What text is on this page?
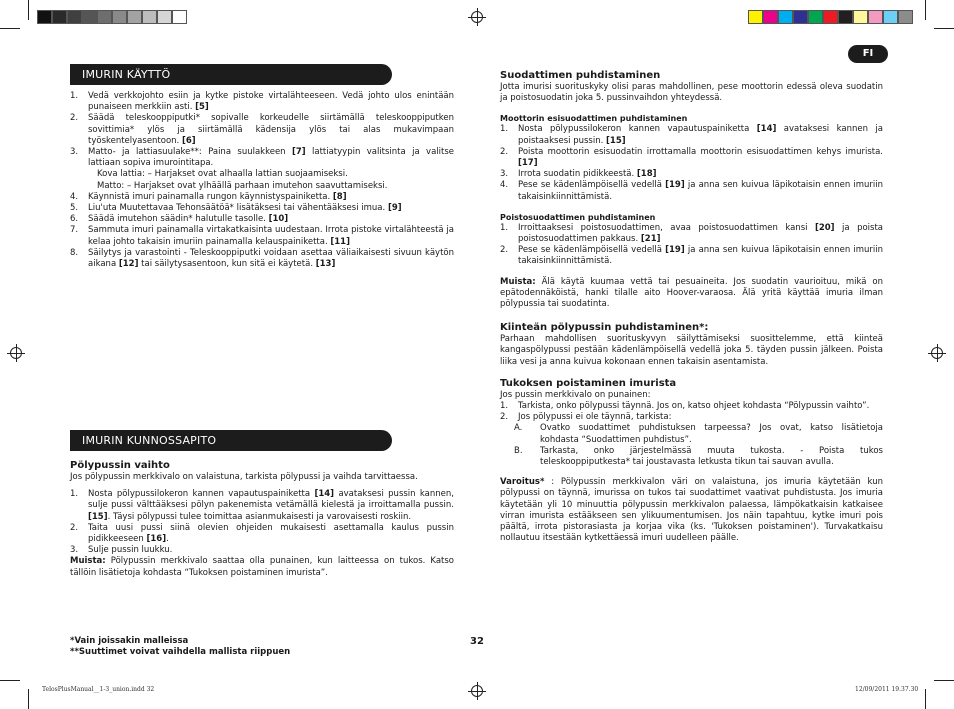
FI
IMURIN KÄYTTÖ
1. Vedä verkkojohto esiin ja kytke pistoke virtalähteeseen. Vedä johto ulos enintään punaiseen merkkiin asti. [5]
2. Säädä teleskooppiputki* sopivalle korkeudelle siirtämällä teleskooppiputken sovittimia* ylös ja siirtämällä kädensija ylös tai alas mukavimpaan työskentelyasentoon. [6]
3. Matto- ja lattiasuulake**: Paina suulakkeen [7] lattiatyypin valitsinta ja valitse lattiaan sopiva imurointitapa.
Kova lattia: – Harjakset ovat alhaalla lattian suojaamiseksi.
Matto: – Harjakset ovat ylhäällä parhaan imutehon saavuttamiseksi.
4. Käynnistä imuri painamalla rungon käynnistyspainiketta. [8]
5. Liu'uta Muutettavaa Tehonsäätöä* lisätäksesi tai vähentääksesi imua. [9]
6. Säädä imutehon säädin* halutulle tasolle. [10]
7. Sammuta imuri painamalla virtakatkaisinta uudestaan. Irrota pistoke virtalähteestä ja kelaa johto takaisin imuriin painamalla kelauspainiketta. [11]
8. Säilytys ja varastointi - Teleskooppiputki voidaan asettaa väliaikaisesti sivuun käytön aikana [12] tai säilytysasentoon, kun sitä ei käytetä. [13]
IMURIN KUNNOSSAPITO
Pölypussin vaihto
Jos pölypussin merkkivalo on valaistuna, tarkista pölypussi ja vaihda tarvittaessa.
1. Nosta pölypussilokeron kannen vapautuspainiketta [14] avataksesi pussin kannen, sulje pussi välttääksesi pölyn pakenemista vetämällä kielestä ja irroittamalla pussin. [15]. Täysi pölypussi tulee toimittaa asianmukaisesti ja varovaisesti roskiin.
2. Taita uusi pussi siinä olevien ohjeiden mukaisesti asettamalla kaulus pussin pidikkeeseen [16].
3. Sulje pussin luukku.
Muista: Pölypussin merkkivalo saattaa olla punainen, kun laitteessa on tukos. Katso tällöin lisätietoja kohdasta “Tukoksen poistaminen imurista”.
*Vain joissakin malleissa
**Suuttimet voivat vaihdella mallista riippuen
32
Suodattimen puhdistaminen
Jotta imurisi suorituskyky olisi paras mahdollinen, pese moottorin edessä oleva suodatin ja poistosuodatin joka 5. pussinvaihdon yhteydessä.
Moottorin esisuodattimen puhdistaminen
1. Nosta pölypussilokeron kannen vapautuspainiketta [14] avataksesi kannen ja poistaaksesi pussin. [15]
2. Poista moottorin esisuodatin irrottamalla moottorin esisuodattimen kehys imurista. [17]
3. Irrota suodatin pidikkeestä. [18]
4. Pese se kädenlämpöisellä vedellä [19] ja anna sen kuivua läpikotaisin ennen imuriin takaisinkiinnittämistä.
Poistosuodattimen puhdistaminen
1. Irroittaaksesi poistosuodattimen, avaa poistosuodattimen kansi [20] ja poista poistosuodattimen pakkaus. [21]
2. Pese se kädenlämpöisellä vedellä [19] ja anna sen kuivua läpikotaisin ennen imuriin takaisinkiinnittämistä.
Muista: Älä käytä kuumaa vettä tai pesuaineita. Jos suodatin vaurioituu, mikä on epätodennäköistä, hanki tilalle aito Hoover-varaosa. Älä yritä käyttää imuria ilman pölypussia tai suodatinta.
Kiinteän pölypussin puhdistaminen*:
Parhaan mahdollisen suorituskyvyn säilyttämiseksi suosittelemme, että kiinteä kangaspölypussi pestään kädenlämpöisellä vedellä joka 5. täyden pussin jälkeen. Poista liika vesi ja anna kuivua kokonaan ennen takaisin asentamista.
Tukoksen poistaminen imurista
Jos pussin merkkivalo on punainen:
1. Tarkista, onko pölypussi täynnä. Jos on, katso ohjeet kohdasta “Pölypussin vaihto”.
2. Jos pölypussi ei ole täynnä, tarkista:
A. Ovatko suodattimet puhdistuksen tarpeessa? Jos ovat, katso lisätietoja kohdasta “Suodattimen puhdistus”.
B. Tarkasta, onko järjestelmässä muuta tukosta. - Poista tukos teleskooppiputkesta* tai joustavasta letkusta tikun tai sauvan avulla.
Varoitus* : Pölypussin merkkivalon väri on valaistuna, jos imuria käytetään kun pölypussi on täynnä, imurissa on tukos tai suodattimet vaativat puhdistusta. Jos imuria käytetään yli 10 minuuttia pölypussin merkkivalon palaessa, lämpökatkaisin katkaisee virran imurista estääkseen sen ylikuumentumisen. Jos näin tapahtuu, kytke imuri pois päältä, irrota pistorasiasta ja korjaa vika (ks. 'Tukoksen poistaminen'). Turvakatkaisu nollautuu itsestään kytkettäessä imuri uudelleen päälle.
TelosPlusManual__1-3_union.indd 32	12/09/2011 19.37.30
